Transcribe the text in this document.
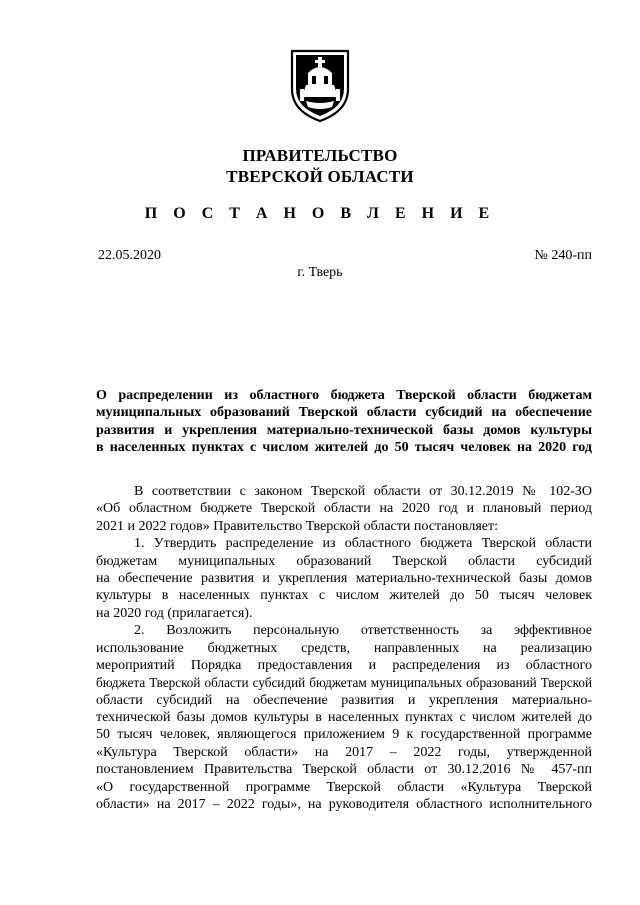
ПРАВИТЕЛЬСТВО
ТВЕРСКОЙ ОБЛАСТИ
П О С Т А Н О В Л Е Н И Е
22.05.2020	№ 240-пп
г. Тверь
О распределении из областного бюджета Тверской области бюджетам
муниципальных образований Тверской области субсидий на обеспечение
развития и укрепления материально-технической базы домов культуры
в населенных пунктах с числом жителей до 50 тысяч человек на 2020 год
В соответствии с законом Тверской области от 30.12.2019 № 102-ЗО
«Об областном бюджете Тверской области на 2020 год и плановый период
2021 и 2022 годов» Правительство Тверской области постановляет:
1. Утвердить распределение из областного бюджета Тверской области
бюджетам муниципальных образований Тверской области субсидий
на обеспечение развития и укрепления материально-технической базы домов
культуры в населенных пунктах с числом жителей до 50 тысяч человек
на 2020 год (прилагается).
2. Возложить персональную ответственность за эффективное
использование бюджетных средств, направленных на реализацию
мероприятий Порядка предоставления и распределения из областного
бюджета Тверской области субсидий бюджетам муниципальных образований Тверской
области субсидий на обеспечение развития и укрепления материально-
технической базы домов культуры в населенных пунктах с числом жителей до
50 тысяч человек, являющегося приложением 9 к государственной программе
«Культура Тверской области» на 2017 – 2022 годы, утвержденной
постановлением Правительства Тверской области от 30.12.2016 № 457-пп
«О государственной программе Тверской области «Культура Тверской
области» на 2017 – 2022 годы», на руководителя областного исполнительного
